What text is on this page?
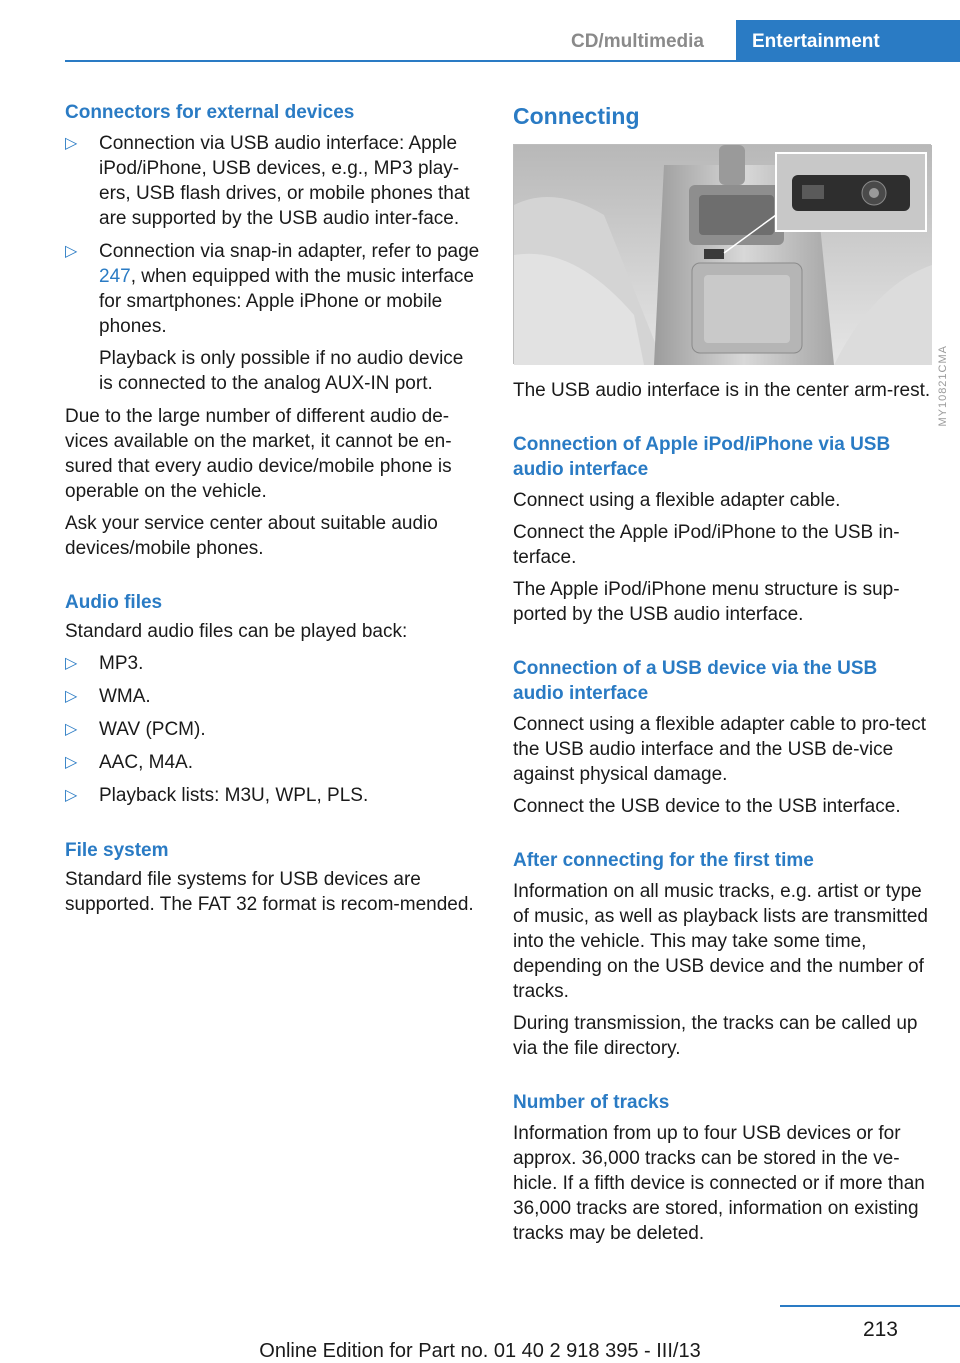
CD/multimedia	Entertainment
Connectors for external devices
▷ Connection via USB audio interface: Apple iPod/iPhone, USB devices, e.g., MP3 play‐ers, USB flash drives, or mobile phones that are supported by the USB audio inter‐face.
▷ Connection via snap-in adapter, refer to page 247, when equipped with the music interface for smartphones: Apple iPhone or mobile phones.
Playback is only possible if no audio device is connected to the analog AUX-IN port.

Due to the large number of different audio de‐vices available on the market, it cannot be en‐sured that every audio device/mobile phone is operable on the vehicle.

Ask your service center about suitable audio devices/mobile phones.

Audio files

Standard audio files can be played back:

▷ MP3.
▷ WMA.
▷ WAV (PCM).
▷ AAC, M4A.
▷ Playback lists: M3U, WPL, PLS.
File system

Standard file systems for USB devices are supported. The FAT 32 format is recom‐mended.

Connecting
MY10821CMA

The USB audio interface is in the center arm‐rest.

Connection of Apple iPod/iPhone via USB audio interface

Connect using a flexible adapter cable.

Connect the Apple iPod/iPhone to the USB in‐terface.

The Apple iPod/iPhone menu structure is sup‐ported by the USB audio interface.

Connection of a USB device via the USB audio interface

Connect using a flexible adapter cable to pro‐tect the USB audio interface and the USB de‐vice against physical damage.

Connect the USB device to the USB interface.

After connecting for the first time

Information on all music tracks, e.g. artist or type of music, as well as playback lists are transmitted into the vehicle. This may take some time, depending on the USB device and the number of tracks.

During transmission, the tracks can be called up via the file directory.

Number of tracks

Information from up to four USB devices or for approx. 36,000 tracks can be stored in the ve‐hicle. If a fifth device is connected or if more than 36,000 tracks are stored, information on existing tracks may be deleted.

213
Online Edition for Part no. 01 40 2 918 395 - III/13
